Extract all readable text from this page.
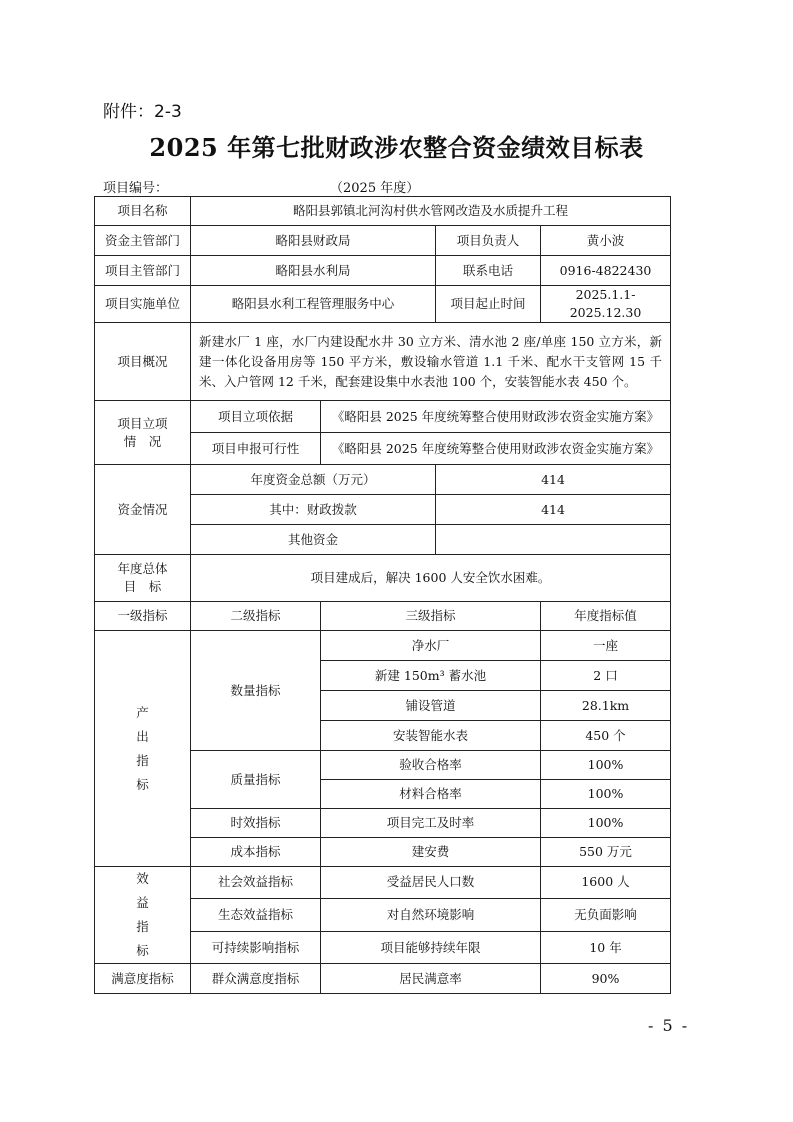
附件：2-3
2025 年第七批财政涉农整合资金绩效目标表
项目编号：	（2025 年度）
项目名称	略阳县郭镇北河沟村供水管网改造及水质提升工程			
资金主管部门	略阳县财政局		项目负责人	黄小波
项目主管部门	略阳县水利局		联系电话	0916-4822430
项目实施单位	略阳县水利工程管理服务中心		项目起止时间	2025.1.1-2025.12.30
项目概况	新建水厂 1 座，水厂内建设配水井 30 立方米、清水池 2 座/单座 150 立方米，新建一体化设备用房等 150 平方米，敷设输水管道 1.1 千米、配水干支管网 15 千米、入户管网 12 千米，配套建设集中水表池 100 个，安装智能水表 450 个。			
项目立项
情　况	项目立项依据	《略阳县 2025 年度统筹整合使用财政涉农资金实施方案》		
	项目申报可行性	《略阳县 2025 年度统筹整合使用财政涉农资金实施方案》		
资金情况	年度资金总额（万元）		414	
	其中：财政拨款		414	
	其他资金			
年度总体
目　标	项目建成后，解决 1600 人安全饮水困难。			
一级指标	二级指标	三级指标		年度指标值
产
出
指
标	数量指标	净水厂		一座
		新建 150m³ 蓄水池		2 口
		铺设管道		28.1km
		安装智能水表		450 个
	质量指标	验收合格率		100%
		材料合格率		100%
	时效指标	项目完工及时率		100%
	成本指标	建安费		550 万元
效
益
指
标	社会效益指标	受益居民人口数		1600 人
	生态效益指标	对自然环境影响		无负面影响
	可持续影响指标	项目能够持续年限		10 年
满意度指标	群众满意度指标	居民满意率		90%
- 5 -
